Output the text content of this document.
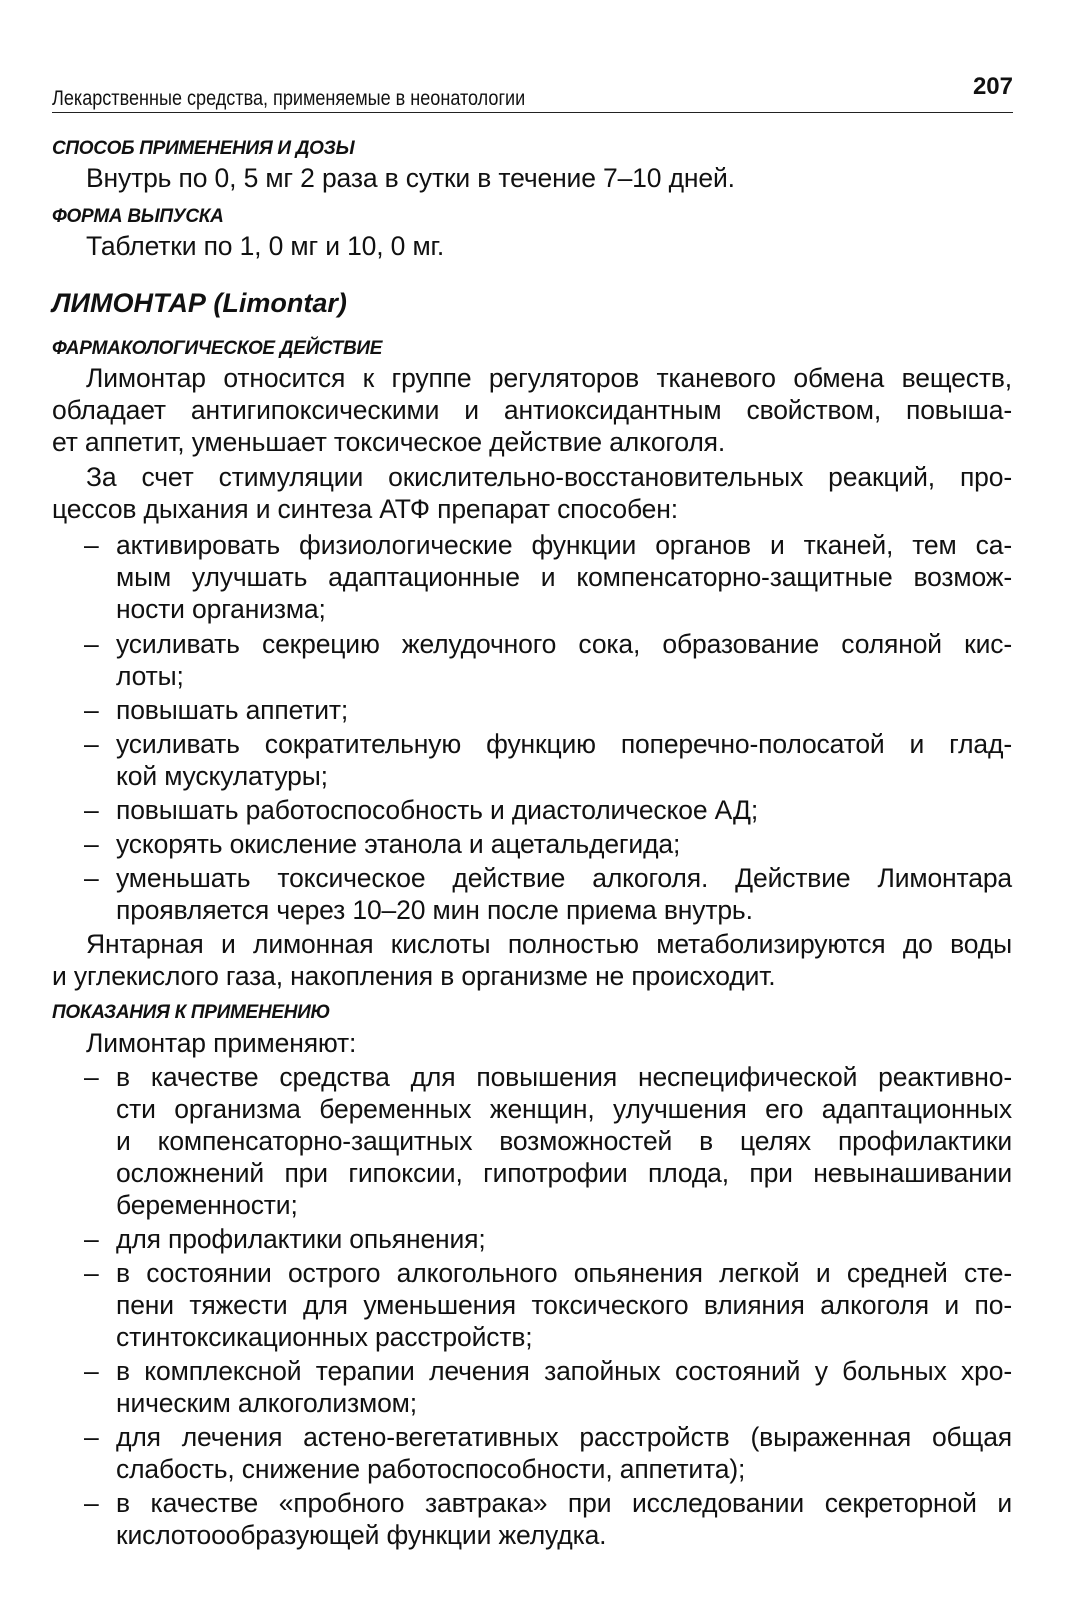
Лекарственные средства, применяемые в неонатологии	207
СПОСОБ ПРИМЕНЕНИЯ И ДОЗЫ
Внутрь по 0, 5 мг 2 раза в сутки в течение 7–10 дней.
ФОРМА ВЫПУСКА
Таблетки по 1, 0 мг и 10, 0 мг.
ЛИМОНТАР (Limontar)
ФАРМАКОЛОГИЧЕСКОЕ ДЕЙСТВИЕ
Лимонтар относится к группе регуляторов тканевого обмена веществ,
обладает антигипоксическими и антиоксидантным свойством, повыша-
ет аппетит, уменьшает токсическое действие алкоголя.
За счет стимуляции окислительно-восстановительных реакций, про-
цессов дыхания и синтеза АТФ препарат способен:
– активировать физиологические функции органов и тканей, тем са-
мым улучшать адаптационные и компенсаторно-защитные возмож-
ности организма;
– усиливать секрецию желудочного сока, образование соляной кис-
лоты;
– повышать аппетит;
– усиливать сократительную функцию поперечно-полосатой и глад-
кой мускулатуры;
– повышать работоспособность и диастолическое АД;
– ускорять окисление этанола и ацетальдегида;
– уменьшать токсическое действие алкоголя. Действие Лимонтара
проявляется через 10–20 мин после приема внутрь.
Янтарная и лимонная кислоты полностью метаболизируются до воды
и углекислого газа, накопления в организме не происходит.
ПОКАЗАНИЯ К ПРИМЕНЕНИЮ
Лимонтар применяют:
– в качестве средства для повышения неспецифической реактивно-
сти организма беременных женщин, улучшения его адаптационных
и компенсаторно-защитных возможностей в целях профилактики
осложнений при гипоксии, гипотрофии плода, при невынашивании
беременности;
– для профилактики опьянения;
– в состоянии острого алкогольного опьянения легкой и средней сте-
пени тяжести для уменьшения токсического влияния алкоголя и по-
стинтоксикационных расстройств;
– в комплексной терапии лечения запойных состояний у больных хро-
ническим алкоголизмом;
– для лечения астено-вегетативных расстройств (выраженная общая
слабость, снижение работоспособности, аппетита);
– в качестве «пробного завтрака» при исследовании секреторной и
кислотоообразующей функции желудка.
